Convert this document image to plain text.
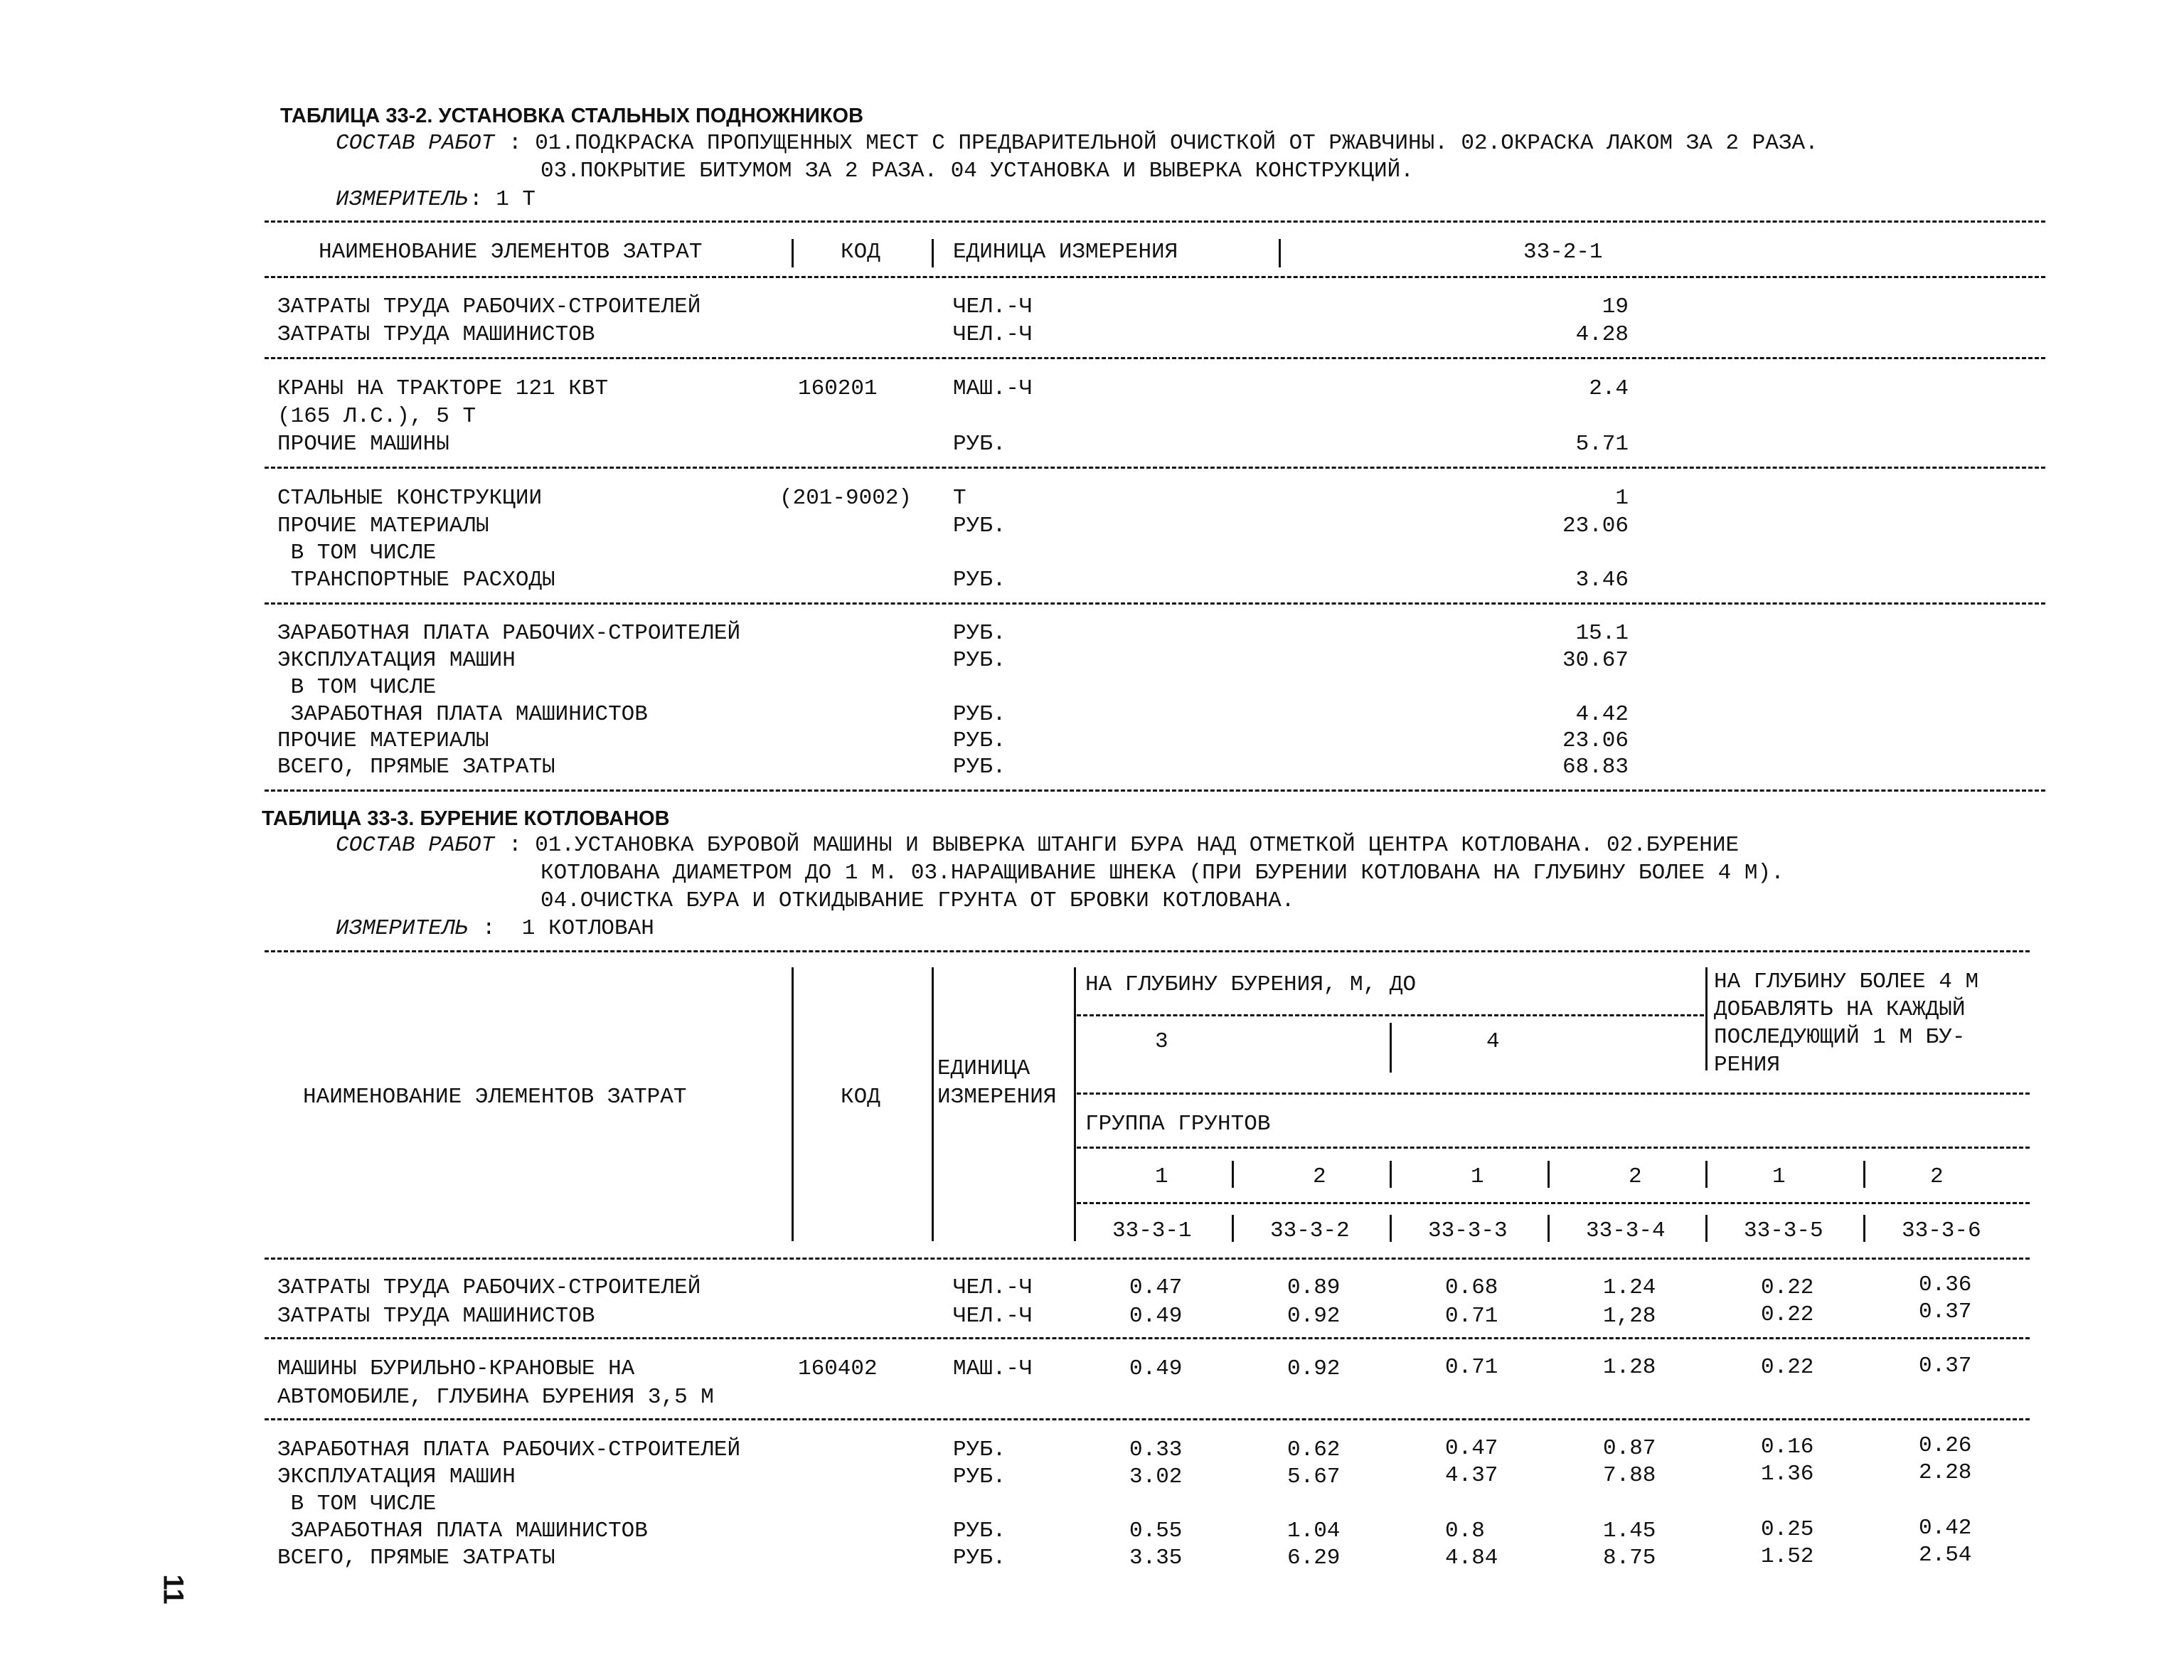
ТАБЛИЦА 33-2. УСТАНОВКА СТАЛЬНЫХ ПОДНОЖНИКОВ
СОСТАВ РАБОТ : 01.ПОДКРАСКА ПРОПУЩЕННЫХ МЕСТ С ПРЕДВАРИТЕЛЬНОЙ ОЧИСТКОЙ ОТ РЖАВЧИНЫ. 02.ОКРАСКА ЛАКОМ ЗА 2 РАЗА.
03.ПОКРЫТИЕ БИТУМОМ ЗА 2 РАЗА. 04 УСТАНОВКА И ВЫВЕРКА КОНСТРУКЦИЙ.
ИЗМЕРИТЕЛЬ : 1 Т
НАИМЕНОВАНИЕ ЭЛЕМЕНТОВ ЗАТРАТ	КОД	ЕДИНИЦА ИЗМЕРЕНИЯ	33-2-1
ЗАТРАТЫ ТРУДА РАБОЧИХ-СТРОИТЕЛЕЙ	ЧЕЛ.-Ч	19
ЗАТРАТЫ ТРУДА МАШИНИСТОВ	ЧЕЛ.-Ч	4.28
КРАНЫ НА ТРАКТОРЕ 121 КВТ	160201	МАШ.-Ч	2.4
(165 Л.С.), 5 Т
ПРОЧИЕ МАШИНЫ	РУБ.	5.71
СТАЛЬНЫЕ КОНСТРУКЦИИ	(201-9002) Т	1
ПРОЧИЕ МАТЕРИАЛЫ	РУБ.	23.06
В ТОМ ЧИСЛЕ
ТРАНСПОРТНЫЕ РАСХОДЫ	РУБ.	3.46
ЗАРАБОТНАЯ ПЛАТА РАБОЧИХ-СТРОИТЕЛЕЙ	РУБ.	15.1
ЭКСПЛУАТАЦИЯ МАШИН	РУБ.	30.67
В ТОМ ЧИСЛЕ
ЗАРАБОТНАЯ ПЛАТА МАШИНИСТОВ	РУБ.	4.42
ПРОЧИЕ МАТЕРИАЛЫ	РУБ.	23.06
ВСЕГО, ПРЯМЫЕ ЗАТРАТЫ	РУБ.	68.83
ТАБЛИЦА 33-3. БУРЕНИЕ КОТЛОВАНОВ
СОСТАВ РАБОТ : 01.УСТАНОВКА БУРОВОЙ МАШИНЫ И ВЫВЕРКА ШТАНГИ БУРА НАД ОТМЕТКОЙ ЦЕНТРА КОТЛОВАНА. 02.БУРЕНИЕ
КОТЛОВАНА ДИАМЕТРОМ ДО 1 М. 03.НАРАЩИВАНИЕ ШНЕКА (ПРИ БУРЕНИИ КОТЛОВАНА НА ГЛУБИНУ БОЛЕЕ 4 М).
04.ОЧИСТКА БУРА И ОТКИДЫВАНИЕ ГРУНТА ОТ БРОВКИ КОТЛОВАНА.
ИЗМЕРИТЕЛЬ :  1 КОТЛОВАН
НАИМЕНОВАНИЕ ЭЛЕМЕНТОВ ЗАТРАТ	КОД
ЕДИНИЦА
ИЗМЕРЕНИЯ
НА ГЛУБИНУ БУРЕНИЯ, М, ДО
3	4
НА ГЛУБИНУ БОЛЕЕ 4 М
ДОБАВЛЯТЬ НА КАЖДЫЙ
ПОСЛЕДУЮЩИЙ 1 М БУ-
РЕНИЯ
ГРУППА ГРУНТОВ
1	2	1	2	1	2
33-3-1	33-3-2	33-3-3	33-3-4	33-3-5	33-3-6
ЗАТРАТЫ ТРУДА РАБОЧИХ-СТРОИТЕЛЕЙ	ЧЕЛ.-Ч	0.47	0.89	0.68	1.24	0.22	0.36
ЗАТРАТЫ ТРУДА МАШИНИСТОВ	ЧЕЛ.-Ч	0.49	0.92	0.71	1,28	0.22	0.37
МАШИНЫ БУРИЛЬНО-КРАНОВЫЕ НА	160402	МАШ.-Ч	0.49	0.92	0.71	1.28	0.22	0.37
АВТОМОБИЛЕ, ГЛУБИНА БУРЕНИЯ 3,5 М
ЗАРАБОТНАЯ ПЛАТА РАБОЧИХ-СТРОИТЕЛЕЙ	РУБ.	0.33	0.62	0.47	0.87	0.16	0.26
ЭКСПЛУАТАЦИЯ МАШИН	РУБ.	3.02	5.67	4.37	7.88	1.36	2.28
В ТОМ ЧИСЛЕ
ЗАРАБОТНАЯ ПЛАТА МАШИНИСТОВ	РУБ.	0.55	1.04	0.8	1.45	0.25	0.42
ВСЕГО, ПРЯМЫЕ ЗАТРАТЫ	РУБ.	3.35	6.29	4.84	8.75	1.52	2.54
11
